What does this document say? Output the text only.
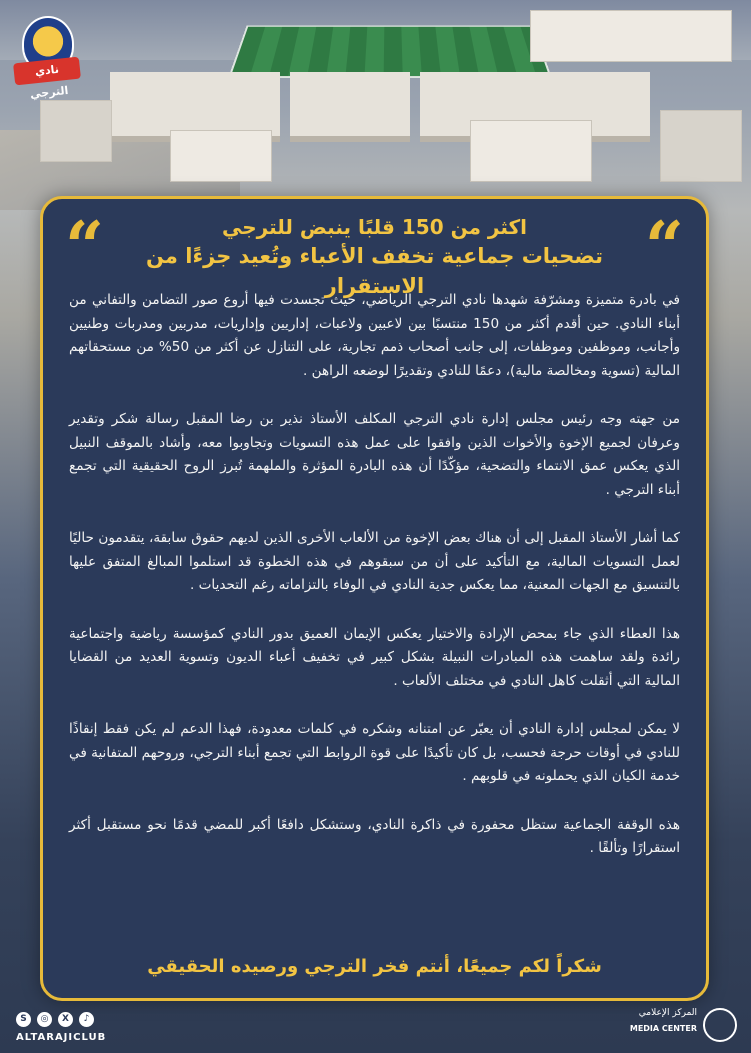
نادي الترجي
“	“
اكثر من 150 قلبًا ينبض للترجي
تضحيات جماعية تخفف الأعباء وتُعيد جزءًا من الاستقرار

في بادرة متميزة ومشرّفة شهدها نادي الترجي الرياضي، حيث تجسدت فيها أروع صور التضامن والتفاني من أبناء النادي. حين أقدم أكثر من 150 منتسبًا بين لاعبين ولاعبات، إداريين وإداريات، مدربين ومدربات وطنيين وأجانب، وموظفين وموظفات، إلى جانب أصحاب ذمم تجارية، على التنازل عن أكثر من 50% من مستحقاتهم المالية (تسوية ومخالصة مالية)، دعمًا للنادي وتقديرًا لوضعه الراهن .

من جهته وجه رئيس مجلس إدارة نادي الترجي المكلف الأستاذ نذير بن رضا المقبل رسالة شكر وتقدير وعرفان لجميع الإخوة والأخوات الذين وافقوا على عمل هذه التسويات وتجاوبوا معه، وأشاد بالموقف النبيل الذي يعكس عمق الانتماء والتضحية، مؤكّدًا أن هذه البادرة المؤثرة والملهمة تُبرز الروح الحقيقية التي تجمع أبناء الترجي .

كما أشار الأستاذ المقبل إلى أن هناك بعض الإخوة من الألعاب الأخرى الذين لديهم حقوق سابقة، يتقدمون حاليًا لعمل التسويات المالية، مع التأكيد على أن من سبقوهم في هذه الخطوة قد استلموا المبالغ المتفق عليها بالتنسيق مع الجهات المعنية، مما يعكس جدية النادي في الوفاء بالتزاماته رغم التحديات .

هذا العطاء الذي جاء بمحض الإرادة والاختيار يعكس الإيمان العميق بدور النادي كمؤسسة رياضية واجتماعية رائدة ولقد ساهمت هذه المبادرات النبيلة بشكل كبير في تخفيف أعباء الديون وتسوية العديد من القضايا المالية التي أثقلت كاهل النادي في مختلف الألعاب .

لا يمكن لمجلس إدارة النادي أن يعبّر عن امتنانه وشكره في كلمات معدودة، فهذا الدعم لم يكن فقط إنقاذًا للنادي في أوقات حرجة فحسب، بل كان تأكيدًا على قوة الروابط التي تجمع أبناء الترجي، وروحهم المتفانية في خدمة الكيان الذي يحملونه في قلوبهم .

هذه الوقفة الجماعية ستظل محفورة في ذاكرة النادي، وستشكل دافعًا أكبر للمضي قدمًا نحو مستقبل أكثر استقرارًا وتألقًا .

شكراً لكم جميعًا، أنتم فخر الترجي ورصيده الحقيقي
S	◎	X	♪
ALTARAJICLUB
المركز الإعلامي
MEDIA CENTER
